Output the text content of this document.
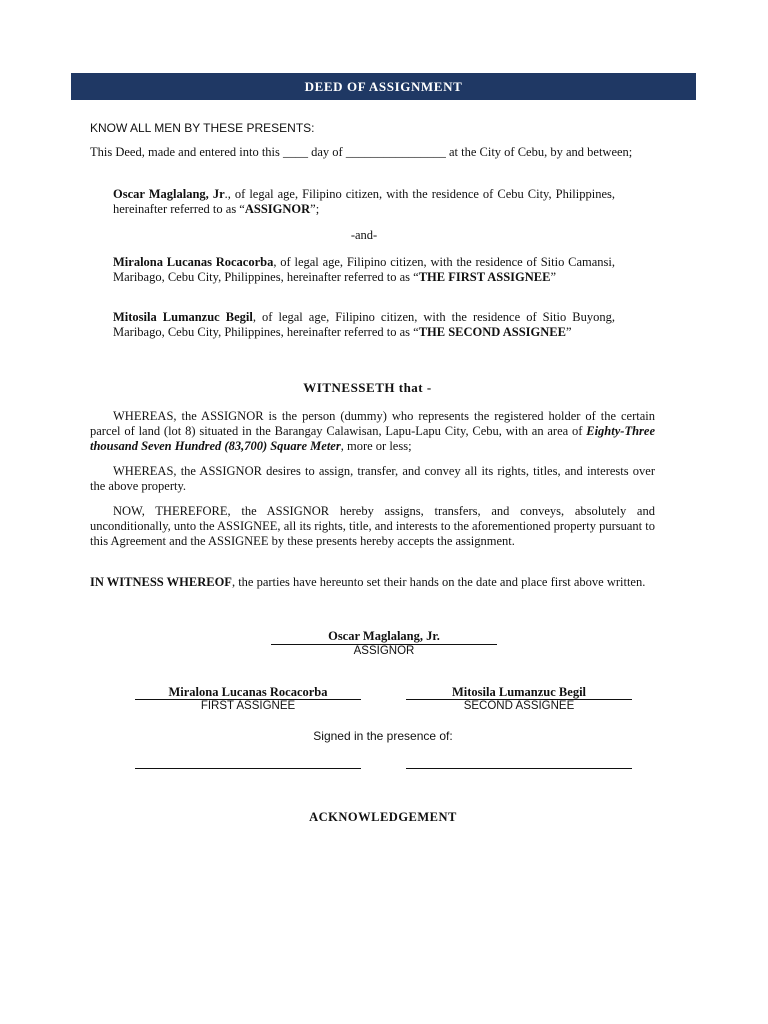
DEED OF ASSIGNMENT
KNOW ALL MEN BY THESE PRESENTS:
This Deed, made and entered into this ____ day of ________________ at the City of Cebu, by and between;
Oscar Maglalang, Jr., of legal age, Filipino citizen, with the residence of Cebu City, Philippines, hereinafter referred to as “ASSIGNOR”;
-and-
Miralona Lucanas Rocacorba, of legal age, Filipino citizen, with the residence of Sitio Camansi, Maribago, Cebu City, Philippines, hereinafter referred to as “THE FIRST ASSIGNEE”
Mitosila Lumanzuc Begil, of legal age, Filipino citizen, with the residence of Sitio Buyong, Maribago, Cebu City, Philippines, hereinafter referred to as “THE SECOND ASSIGNEE”
WITNESSETH that -
WHEREAS, the ASSIGNOR is the person (dummy) who represents the registered holder of the certain parcel of land (lot 8) situated in the Barangay Calawisan, Lapu-Lapu City, Cebu, with an area of Eighty-Three thousand Seven Hundred (83,700) Square Meter, more or less;
WHEREAS, the ASSIGNOR desires to assign, transfer, and convey all its rights, titles, and interests over the above property.
NOW, THEREFORE, the ASSIGNOR hereby assigns, transfers, and conveys, absolutely and unconditionally, unto the ASSIGNEE, all its rights, title, and interests to the aforementioned property pursuant to this Agreement and the ASSIGNEE by these presents hereby accepts the assignment.
IN WITNESS WHEREOF, the parties have hereunto set their hands on the date and place first above written.
Oscar Maglalang, Jr.
ASSIGNOR
Miralona Lucanas Rocacorba
FIRST ASSIGNEE
Mitosila Lumanzuc Begil
SECOND ASSIGNEE
Signed in the presence of:
ACKNOWLEDGEMENT
